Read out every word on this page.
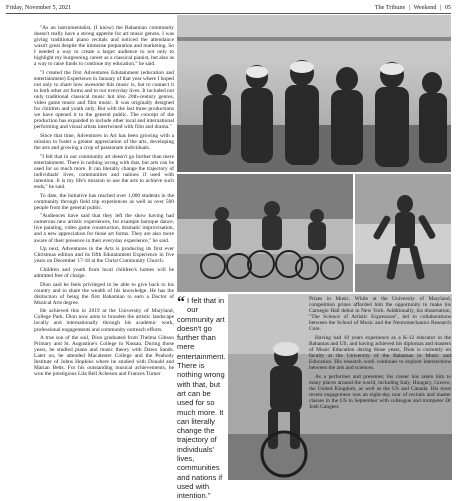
Friday, November 5, 2021	The Tribune | Weekend | 05

"As an instrumentalist, (I know) the Bahamian community doesn't really have a strong appetite for art music genres. I was giving traditional piano recitals and noticed the attendance wasn't great despite the immense preparation and marketing. So I needed a way to create a larger audience to not only to highlight my burgeoning career as a classical pianist, but also as a way to raise funds to continue my education," he said.

"I created the first Adventures Edutainment (education and entertainment) Experience in January of that year where I hoped not only to share how awesome this music is, but to connect it to both other art forms and to our everyday lives. It included not only traditional classical music but also 20th-century genres, video game music and film music. It was originally designed for children and youth only. But with the last three productions we have opened it to the general public. The concept of the production has expanded to include other local and international performing and visual artists intertwined with film and drama."

Since that time, Adventures in Art has been growing with a mission to foster a greater appreciation of the arts, developing the arts and growing a crop of passionate individuals.

"I felt that in our community art doesn't go further than mere entertainment. There is nothing wrong with that, but arts can be used for so much more. It can literally change the trajectory of individuals' lives, communities and nations if used with intention. It is my life's mission to use the arts to achieve such ends," he said.

To date, the initiative has reached over 1,000 students in the community through field trip experiences as well as over 500 people from the general public.

"Audiences have said that they left the show having had numerous new artistic experiences, for example baroque dance, live painting, video game construction, dramatic improvisation, and a new appreciation for those art forms. They are also more aware of their presence in their everyday experience," he said.

Up next, Adventures in the Arts is producing its first ever Christmas edition and its fifth Edutainment Experience in five years on December 17-18 at the Christ Community Church.

Children and youth from local children's homes will be admitted free of charge.

Dion said he feels privileged to be able to give back to his country and to share the wealth of his knowledge. He has the distinction of being the first Bahamian to earn a Doctor of Musical Arts degree.

He achieved this in 2019 at the University of Maryland, College Park. Dion now aims to broaden the artistic landscape locally and internationally through his academic work, professional engagements and community outreach efforts.

A true son of the soil, Dion graduated from Thelma Gibson Primary and St. Augustine's College in Nassau. During those years, he studied piano and music theory with Dawn Sands. Later on, he attended Macalester College and the Peabody Institute of Johns Hopkins where he studied with Donald and Marian Betts. For his outstanding musical achievements, he won the prestigious Lila Bell Acheson and Frances Turner

“ I felt that in our community art doesn't go further than mere entertainment. There is nothing wrong with that, but art can be used for so much more. It can literally change the trajectory of individuals' lives, communities and nations if used with intention."

Prizes in Music. While at the University of Maryland, competition prizes afforded him the opportunity to make his Carnegie Hall debut in New York. Additionally, his dissertation, "The Science of Artistic Expression", led to collaborations between the School of Music and the Neuromechanics Research Core.

Having had 10 years experience as a K-12 educator in the Bahamas and US, and having achieved his diplomas and masters of Music Education during those years, Dion is currently on faculty at the University of the Bahamas in Music and Education. His research work continues to explore intersections between the arts and sciences.

As a performer and presenter, his career has taken him to many places around the world, including Italy, Hungary, Greece, the United Kingdom, as well as the US and Canada. His most recent engagement was an eight-day tour of recitals and master classes in the US in September with colleague and trumpeter Dr Josh Gangeer.
